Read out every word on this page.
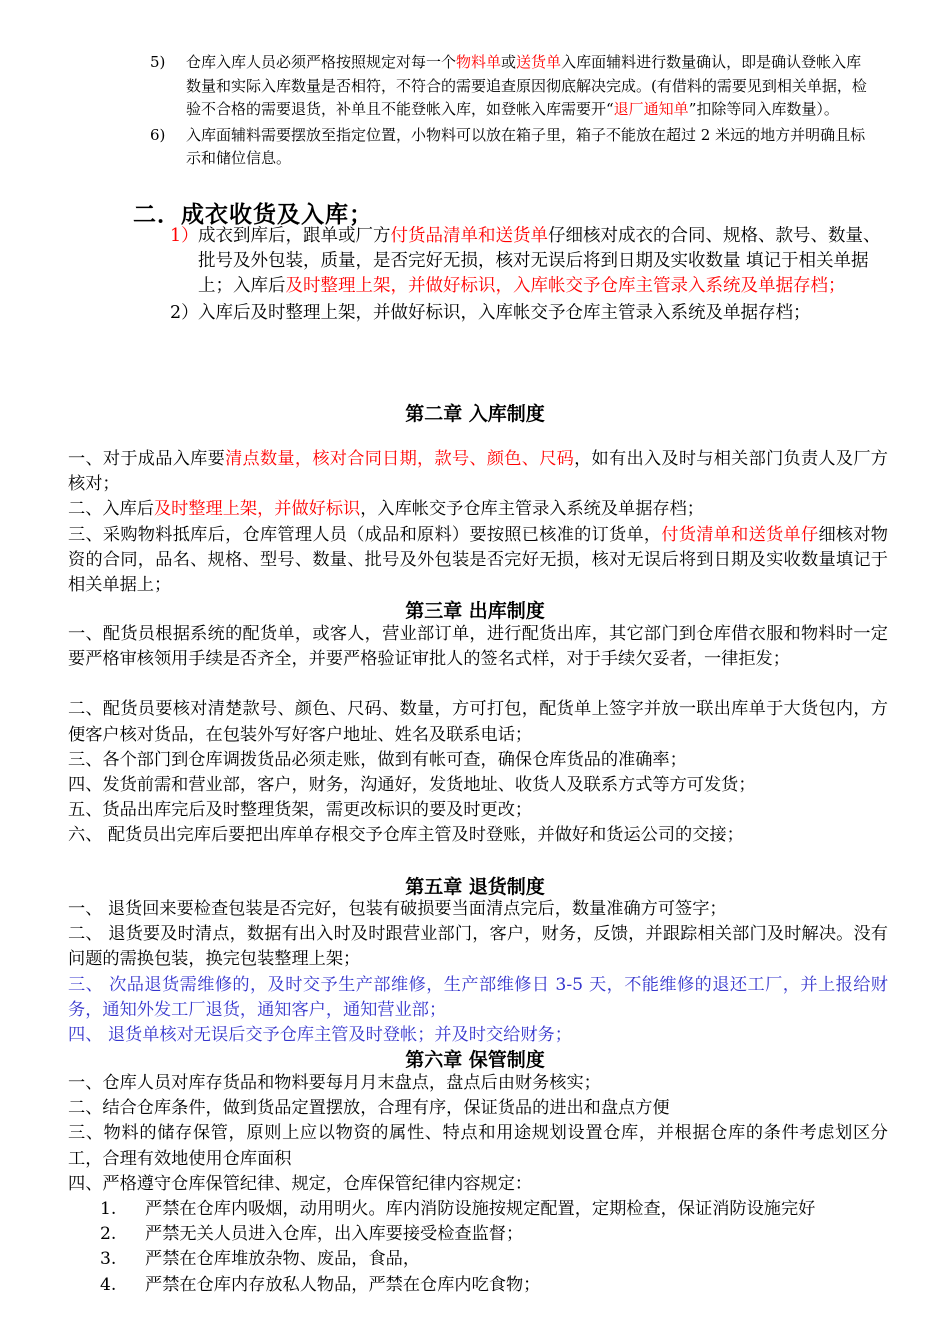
5) 仓库入库人员必须严格按照规定对每一个物料单或送货单入库面辅料进行数量确认，即是确认登帐入库数量和实际入库数量是否相符，不符合的需要追查原因彻底解决完成。(有借料的需要见到相关单据，检验不合格的需要退货，补单且不能登帐入库，如登帐入库需要开“退厂通知单”扣除等同入库数量）。
6) 入库面辅料需要摆放至指定位置，小物料可以放在箱子里，箱子不能放在超过 2 米远的地方并明确且标示和储位信息。
二．成衣收货及入库；
1） 成衣到库后，跟单或厂方付货品清单和送货单仔细核对成衣的合同、规格、款号、数量、批号及外包装，质量，是否完好无损，核对无误后将到日期及实收数量 填记于相关单据上；入库后及时整理上架，并做好标识，入库帐交予仓库主管录入系统及单据存档；
2） 入库后及时整理上架，并做好标识，入库帐交予仓库主管录入系统及单据存档；
第二章 入库制度

一、对于成品入库要清点数量，核对合同日期，款号、颜色、尺码，如有出入及时与相关部门负责人及厂方核对；

二、入库后及时整理上架，并做好标识，入库帐交予仓库主管录入系统及单据存档；

三、采购物料抵库后，仓库管理人员（成品和原料）要按照已核准的订货单，付货清单和送货单仔细核对物资的合同，品名、规格、型号、数量、批号及外包装是否完好无损，核对无误后将到日期及实收数量填记于相关单据上；

第三章 出库制度

一、配货员根据系统的配货单，或客人，营业部订单，进行配货出库，其它部门到仓库借衣服和物料时一定要严格审核领用手续是否齐全，并要严格验证审批人的签名式样，对于手续欠妥者，一律拒发；

二、配货员要核对清楚款号、颜色、尺码、数量，方可打包，配货单上签字并放一联出库单于大货包内，方便客户核对货品，在包装外写好客户地址、姓名及联系电话；

三、各个部门到仓库调拨货品必须走账，做到有帐可查，确保仓库货品的准确率；

四、发货前需和营业部，客户，财务，沟通好，发货地址、收货人及联系方式等方可发货；

五、货品出库完后及时整理货架，需更改标识的要及时更改；

六、 配货员出完库后要把出库单存根交予仓库主管及时登账，并做好和货运公司的交接；

第五章 退货制度

一、 退货回来要检查包装是否完好，包装有破损要当面清点完后，数量准确方可签字；

二、 退货要及时清点，数据有出入时及时跟营业部门，客户，财务，反馈，并跟踪相关部门及时解决。没有问题的需换包装，换完包装整理上架；

三、 次品退货需维修的，及时交予生产部维修，生产部维修日 3-5 天，不能维修的退还工厂，并上报给财务，通知外发工厂退货，通知客户，通知营业部；

四、 退货单核对无误后交予仓库主管及时登帐；并及时交给财务；

第六章 保管制度

一、仓库人员对库存货品和物料要每月月末盘点，盘点后由财务核实；

二、结合仓库条件，做到货品定置摆放，合理有序，保证货品的进出和盘点方便

三、物料的储存保管，原则上应以物资的属性、特点和用途规划设置仓库，并根据仓库的条件考虑划区分工，合理有效地使用仓库面积

四、严格遵守仓库保管纪律、规定，仓库保管纪律内容规定：

1. 严禁在仓库内吸烟，动用明火。库内消防设施按规定配置，定期检查，保证消防设施完好
2. 严禁无关人员进入仓库，出入库要接受检查监督；
3. 严禁在仓库堆放杂物、废品，食品，
4. 严禁在仓库内存放私人物品，严禁在仓库内吃食物；
